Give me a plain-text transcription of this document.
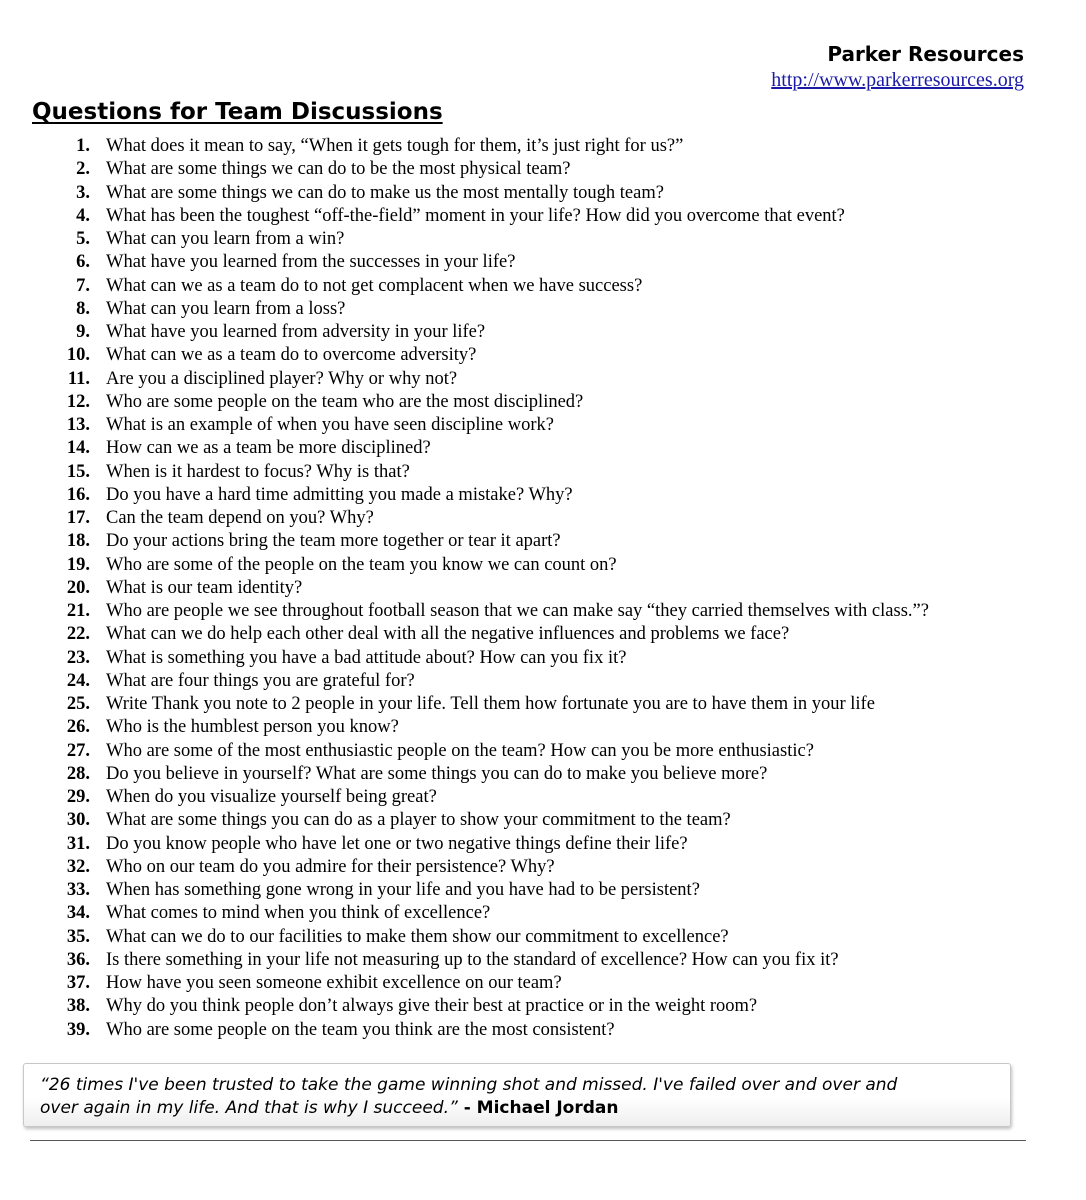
Parker Resources
http://www.parkerresources.org
Questions for Team Discussions
1. What does it mean to say, “When it gets tough for them, it’s just right for us?”
2. What are some things we can do to be the most physical team?
3. What are some things we can do to make us the most mentally tough team?
4. What has been the toughest “off-the-field” moment in your life? How did you overcome that event?
5. What can you learn from a win?
6. What have you learned from the successes in your life?
7. What can we as a team do to not get complacent when we have success?
8. What can you learn from a loss?
9. What have you learned from adversity in your life?
10. What can we as a team do to overcome adversity?
11. Are you a disciplined player? Why or why not?
12. Who are some people on the team who are the most disciplined?
13. What is an example of when you have seen discipline work?
14. How can we as a team be more disciplined?
15. When is it hardest to focus? Why is that?
16. Do you have a hard time admitting you made a mistake? Why?
17. Can the team depend on you? Why?
18. Do your actions bring the team more together or tear it apart?
19. Who are some of the people on the team you know we can count on?
20. What is our team identity?
21. Who are people we see throughout football season that we can make say “they carried themselves with class.”?
22. What can we do help each other deal with all the negative influences and problems we face?
23. What is something you have a bad attitude about? How can you fix it?
24. What are four things you are grateful for?
25. Write Thank you note to 2 people in your life. Tell them how fortunate you are to have them in your life
26. Who is the humblest person you know?
27. Who are some of the most enthusiastic people on the team? How can you be more enthusiastic?
28. Do you believe in yourself? What are some things you can do to make you believe more?
29. When do you visualize yourself being great?
30. What are some things you can do as a player to show your commitment to the team?
31. Do you know people who have let one or two negative things define their life?
32. Who on our team do you admire for their persistence? Why?
33. When has something gone wrong in your life and you have had to be persistent?
34. What comes to mind when you think of excellence?
35. What can we do to our facilities to make them show our commitment to excellence?
36. Is there something in your life not measuring up to the standard of excellence? How can you fix it?
37. How have you seen someone exhibit excellence on our team?
38. Why do you think people don’t always give their best at practice or in the weight room?
39. Who are some people on the team you think are the most consistent?

“26 times I've been trusted to take the game winning shot and missed. I've failed over and over and
over again in my life. And that is why I succeed.” - Michael Jordan
